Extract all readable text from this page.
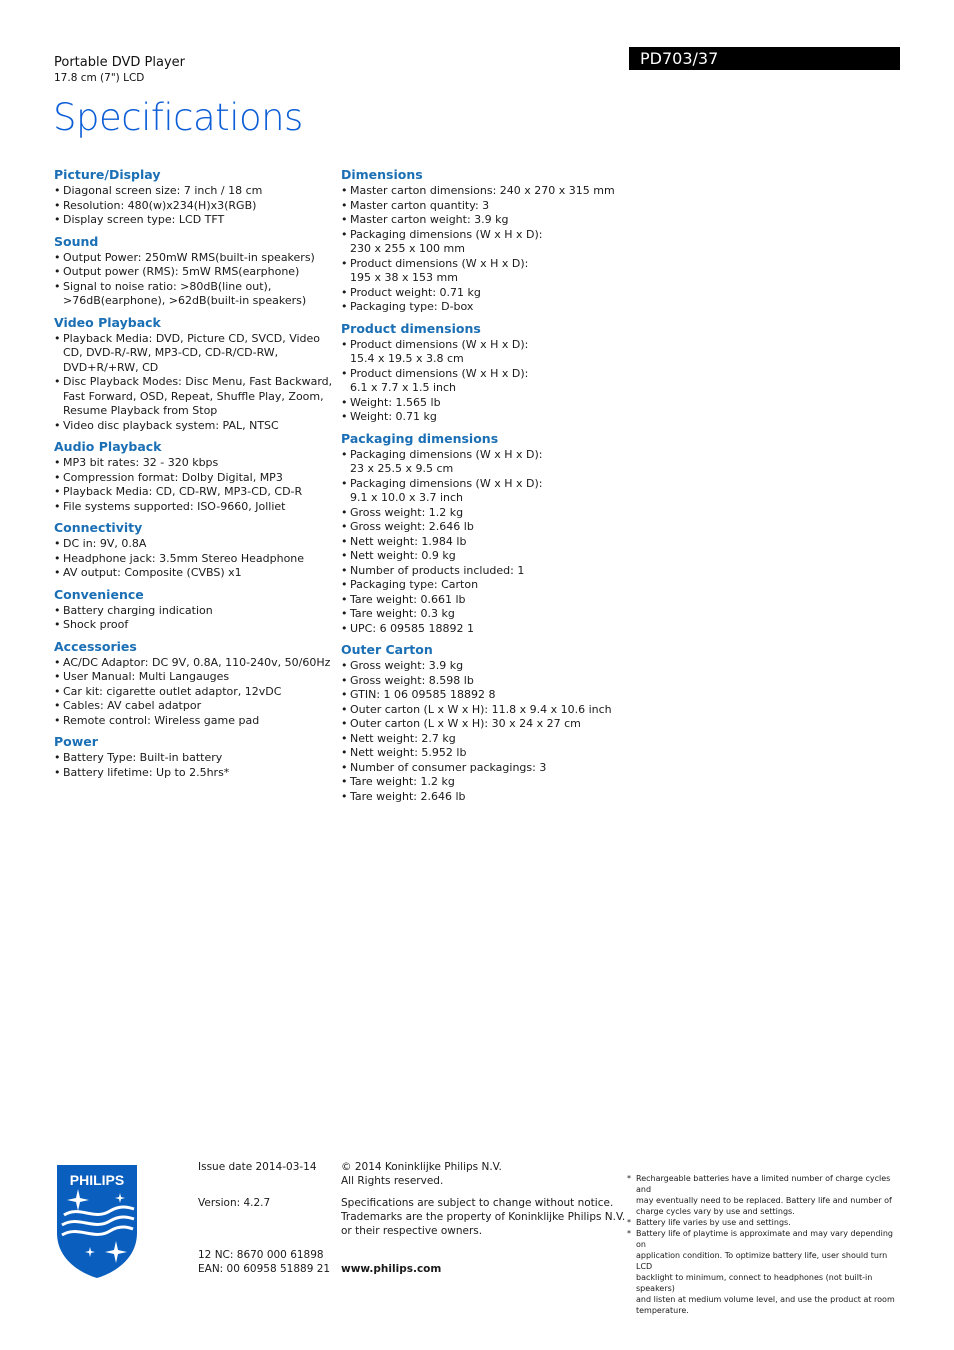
Portable DVD Player
17.8 cm (7") LCD
PD703/37
Specifications
Picture/Display
• Diagonal screen size: 7 inch / 18 cm
• Resolution: 480(w)x234(H)x3(RGB)
• Display screen type: LCD TFT
Sound
• Output Power: 250mW RMS(built-in speakers)
• Output power (RMS): 5mW RMS(earphone)
• Signal to noise ratio: >80dB(line out),
>76dB(earphone), >62dB(built-in speakers)
Video Playback
• Playback Media: DVD, Picture CD, SVCD, Video
CD, DVD-R/-RW, MP3-CD, CD-R/CD-RW,
DVD+R/+RW, CD
• Disc Playback Modes: Disc Menu, Fast Backward,
Fast Forward, OSD, Repeat, Shuffle Play, Zoom,
Resume Playback from Stop
• Video disc playback system: PAL, NTSC
Audio Playback
• MP3 bit rates: 32 - 320 kbps
• Compression format: Dolby Digital, MP3
• Playback Media: CD, CD-RW, MP3-CD, CD-R
• File systems supported: ISO-9660, Jolliet
Connectivity
• DC in: 9V, 0.8A
• Headphone jack: 3.5mm Stereo Headphone
• AV output: Composite (CVBS) x1
Convenience
• Battery charging indication
• Shock proof
Accessories
• AC/DC Adaptor: DC 9V, 0.8A, 110-240v, 50/60Hz
• User Manual: Multi Langauges
• Car kit: cigarette outlet adaptor, 12vDC
• Cables: AV cabel adatpor
• Remote control: Wireless game pad
Power
• Battery Type: Built-in battery
• Battery lifetime: Up to 2.5hrs*
Dimensions
• Master carton dimensions: 240 x 270 x 315 mm
• Master carton quantity: 3
• Master carton weight: 3.9 kg
• Packaging dimensions (W x H x D):
230 x 255 x 100 mm
• Product dimensions (W x H x D):
195 x 38 x 153 mm
• Product weight: 0.71 kg
• Packaging type: D-box
Product dimensions
• Product dimensions (W x H x D):
15.4 x 19.5 x 3.8 cm
• Product dimensions (W x H x D):
6.1 x 7.7 x 1.5 inch
• Weight: 1.565 lb
• Weight: 0.71 kg
Packaging dimensions
• Packaging dimensions (W x H x D):
23 x 25.5 x 9.5 cm
• Packaging dimensions (W x H x D):
9.1 x 10.0 x 3.7 inch
• Gross weight: 1.2 kg
• Gross weight: 2.646 lb
• Nett weight: 1.984 lb
• Nett weight: 0.9 kg
• Number of products included: 1
• Packaging type: Carton
• Tare weight: 0.661 lb
• Tare weight: 0.3 kg
• UPC: 6 09585 18892 1
Outer Carton
• Gross weight: 3.9 kg
• Gross weight: 8.598 lb
• GTIN: 1 06 09585 18892 8
• Outer carton (L x W x H): 11.8 x 9.4 x 10.6 inch
• Outer carton (L x W x H): 30 x 24 x 27 cm
• Nett weight: 2.7 kg
• Nett weight: 5.952 lb
• Number of consumer packagings: 3
• Tare weight: 1.2 kg
• Tare weight: 2.646 lb
PHILIPS
Issue date 2014-03-14
Version: 4.2.7
12 NC: 8670 000 61898
EAN: 00 60958 51889 21
© 2014 Koninklijke Philips N.V.
All Rights reserved.
Specifications are subject to change without notice.
Trademarks are the property of Koninklijke Philips N.V.
or their respective owners.
www.philips.com
* Rechargeable batteries have a limited number of charge cycles and
may eventually need to be replaced. Battery life and number of
charge cycles vary by use and settings.
* Battery life varies by use and settings.
* Battery life of playtime is approximate and may vary depending on
application condition. To optimize battery life, user should turn LCD
backlight to minimum, connect to headphones (not built-in speakers)
and listen at medium volume level, and use the product at room
temperature.
